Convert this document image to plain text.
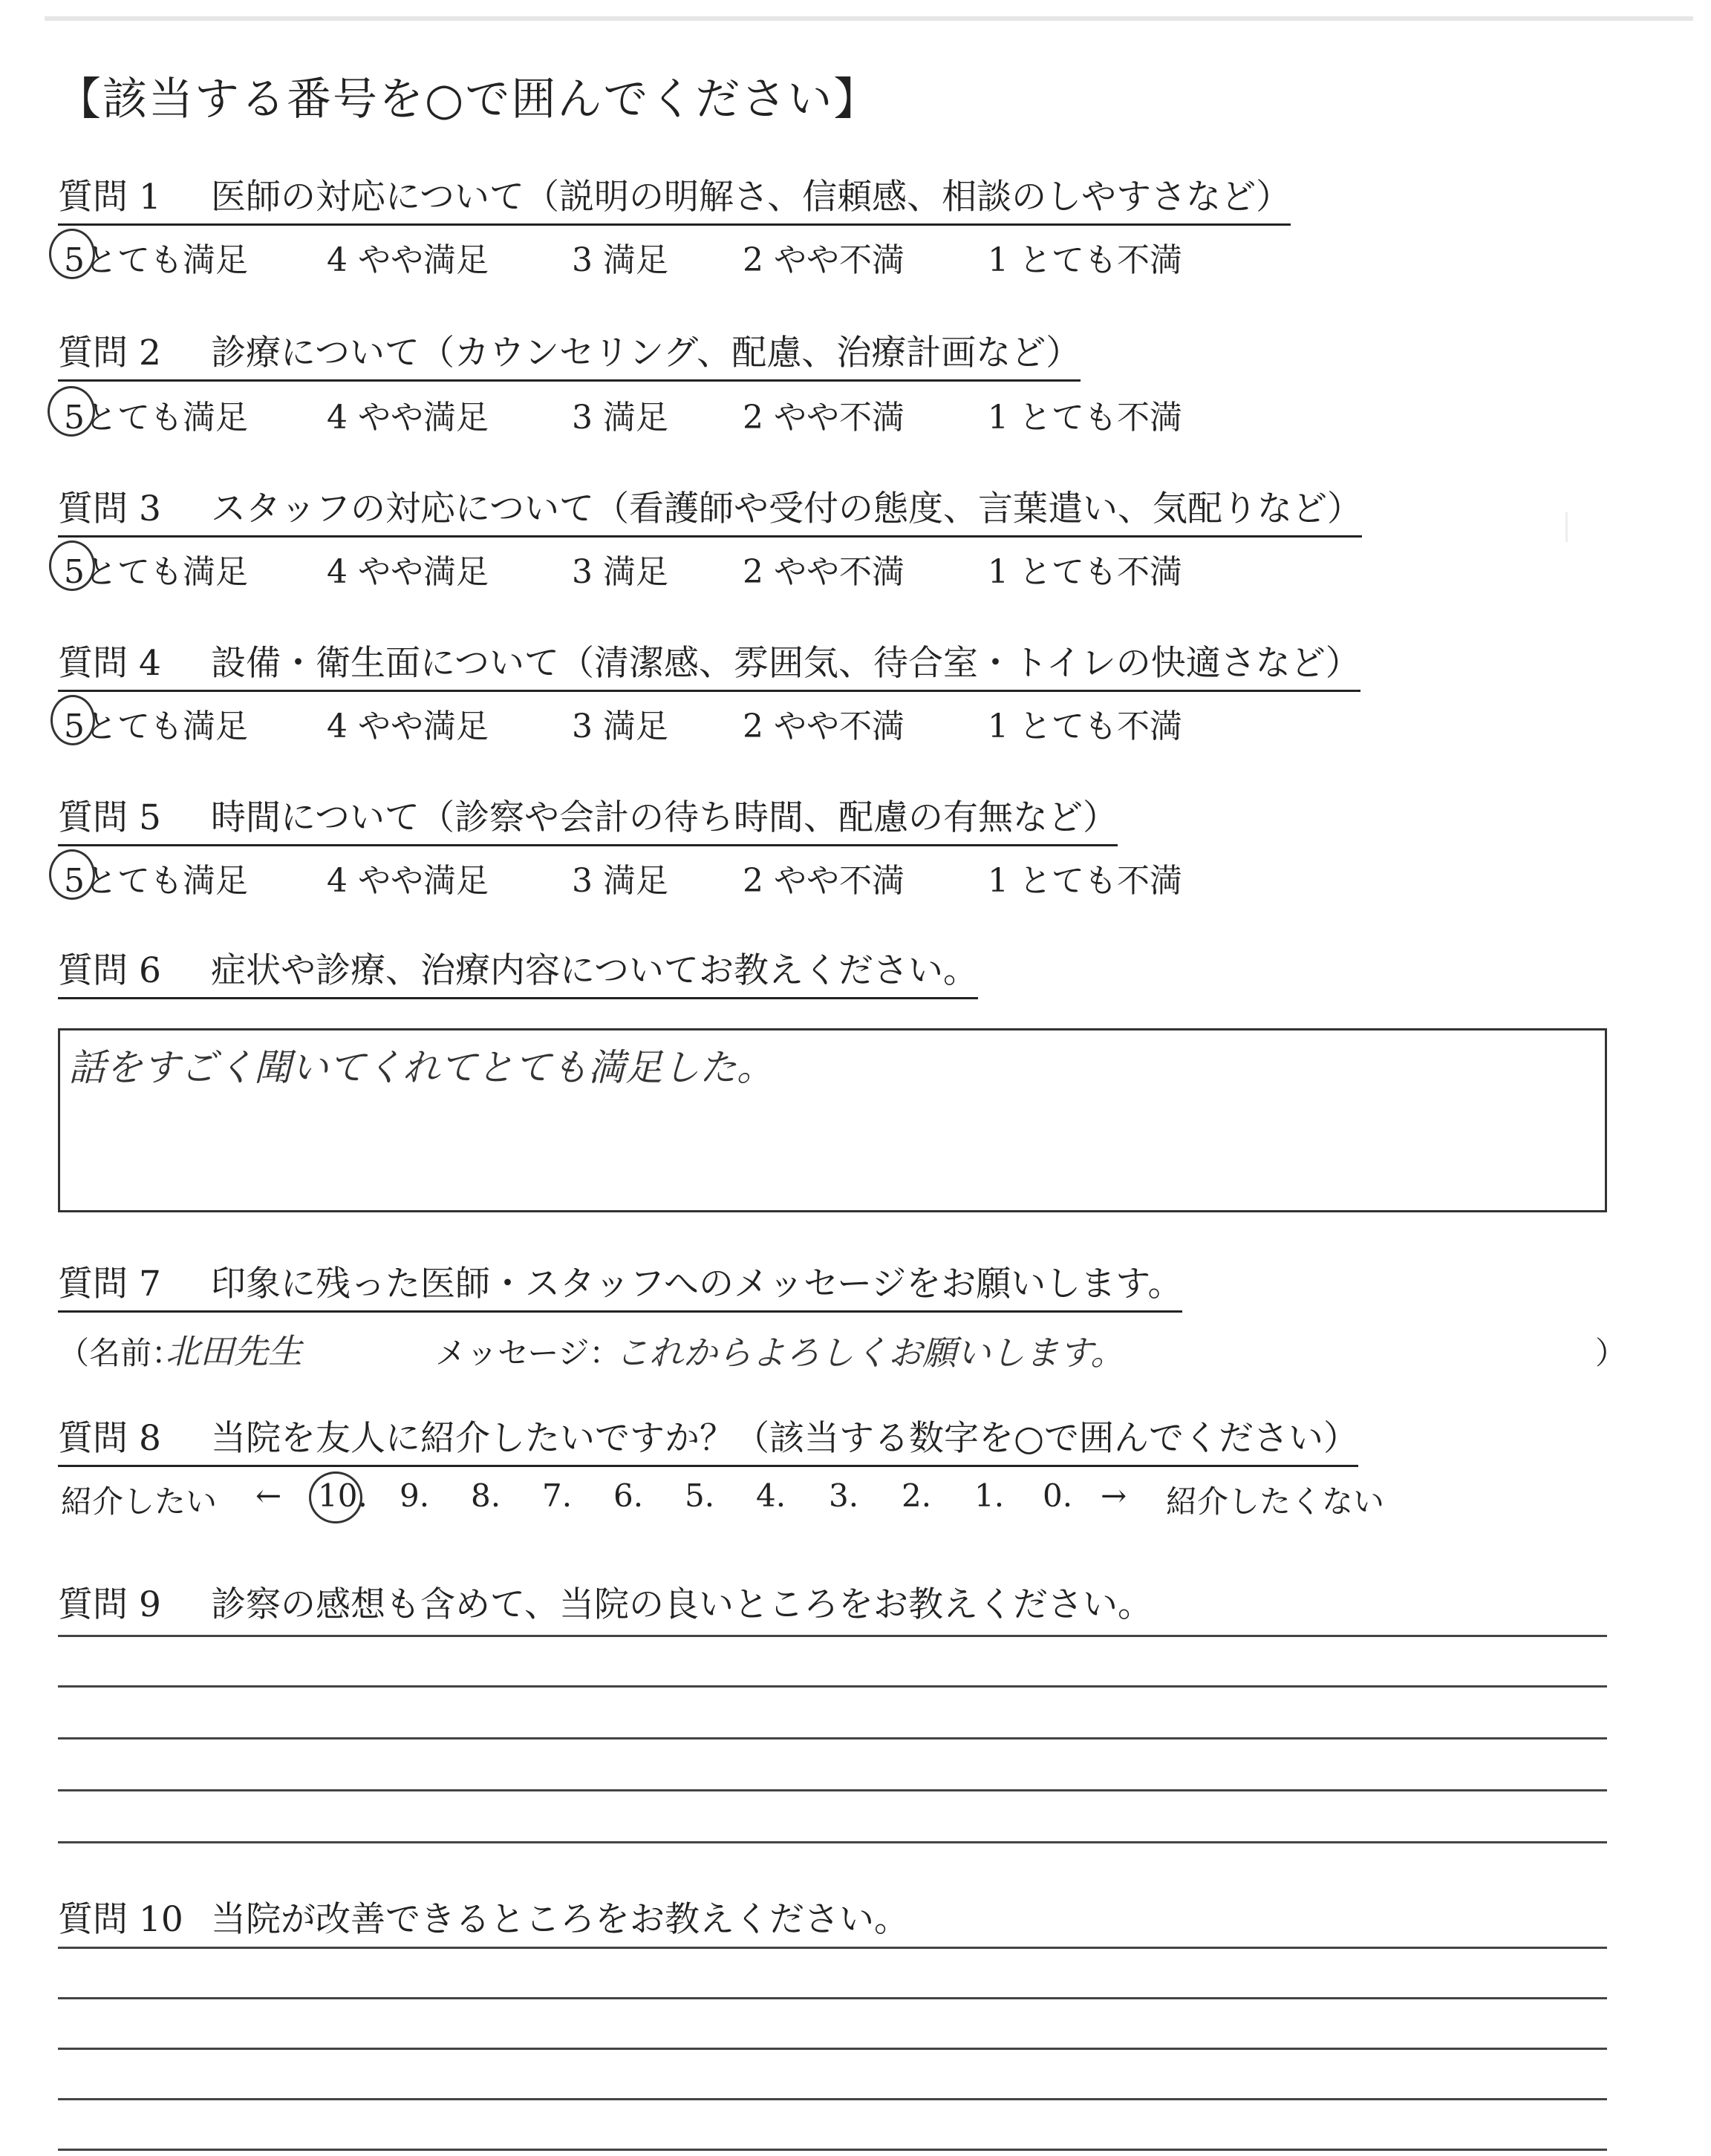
【該当する番号を○で囲んでください】
質問 1 医師の対応について（説明の明解さ、信頼感、相談のしやすさなど）
5とても満足 4 やや満足	3 満足 2 やや不満	1 とても不満
質問 2 診療について（カウンセリング、配慮、治療計画など）
5とても満足 4 やや満足	3 満足 2 やや不満	1 とても不満
質問 3 スタッフの対応について（看護師や受付の態度、言葉遣い、気配りなど）
5とても満足 4 やや満足	3 満足 2 やや不満	1 とても不満
質問 4 設備・衛生面について（清潔感、雰囲気、待合室・トイレの快適さなど）
5とても満足 4 やや満足	3 満足 2 やや不満	1 とても不満
質問 5 時間について（診察や会計の待ち時間、配慮の有無など）
5とても満足 4 やや満足	3 満足 2 やや不満	1 とても不満
質問 6 症状や診療、治療内容についてお教えください。
話をすごく聞いてくれてとても満足した。
質問 7 印象に残った医師・スタッフへのメッセージをお願いします。
（名前：
北田先生	メッセージ：
これからよろしくお願いします。	）
質問 8 当院を友人に紹介したいですか？（該当する数字を○で囲んでください）
紹介したい ← 10. 9. 8. 7. 6. 5. 4. 3. 2. 1. 0. → 紹介したくない
質問 9 診察の感想も含めて、当院の良いところをお教えください。
質問 10 当院が改善できるところをお教えください。
